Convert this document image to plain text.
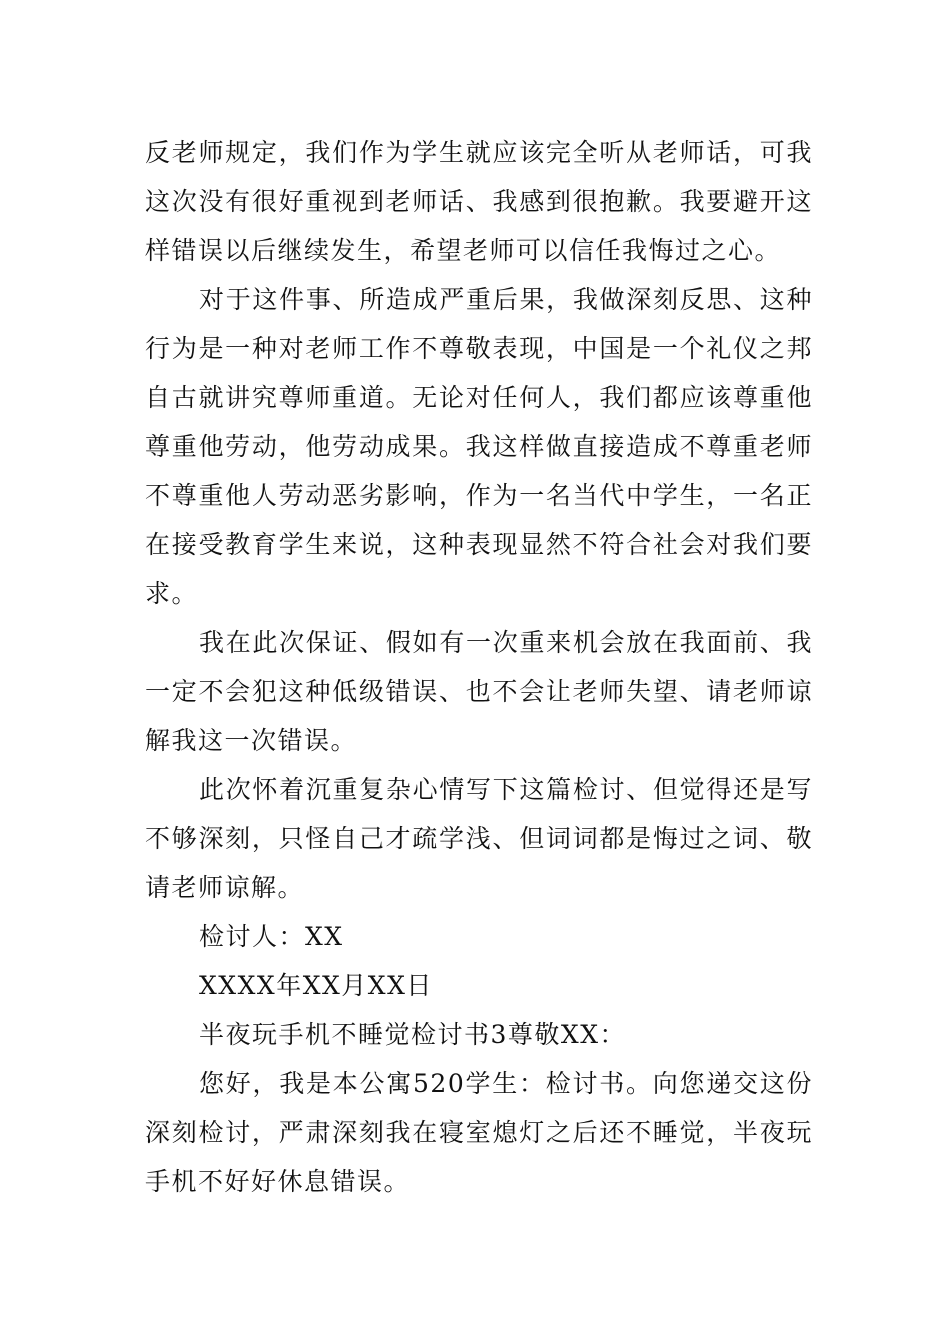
反老师规定，我们作为学生就应该完全听从老师话，可我这次没有很好重视到老师话、我感到很抱歉。我要避开这样错误以后继续发生，希望老师可以信任我悔过之心。

对于这件事、所造成严重后果，我做深刻反思、这种行为是一种对老师工作不尊敬表现，中国是一个礼仪之邦自古就讲究尊师重道。无论对任何人，我们都应该尊重他尊重他劳动，他劳动成果。我这样做直接造成不尊重老师不尊重他人劳动恶劣影响，作为一名当代中学生，一名正在接受教育学生来说，这种表现显然不符合社会对我们要求。

我在此次保证、假如有一次重来机会放在我面前、我一定不会犯这种低级错误、也不会让老师失望、请老师谅解我这一次错误。

此次怀着沉重复杂心情写下这篇检讨、但觉得还是写不够深刻，只怪自己才疏学浅、但词词都是悔过之词、敬请老师谅解。

检讨人：XX

XXXX年XX月XX日

半夜玩手机不睡觉检讨书3尊敬XX：

您好，我是本公寓520学生：检讨书。向您递交这份深刻检讨，严肃深刻我在寝室熄灯之后还不睡觉，半夜玩手机不好好休息错误。
